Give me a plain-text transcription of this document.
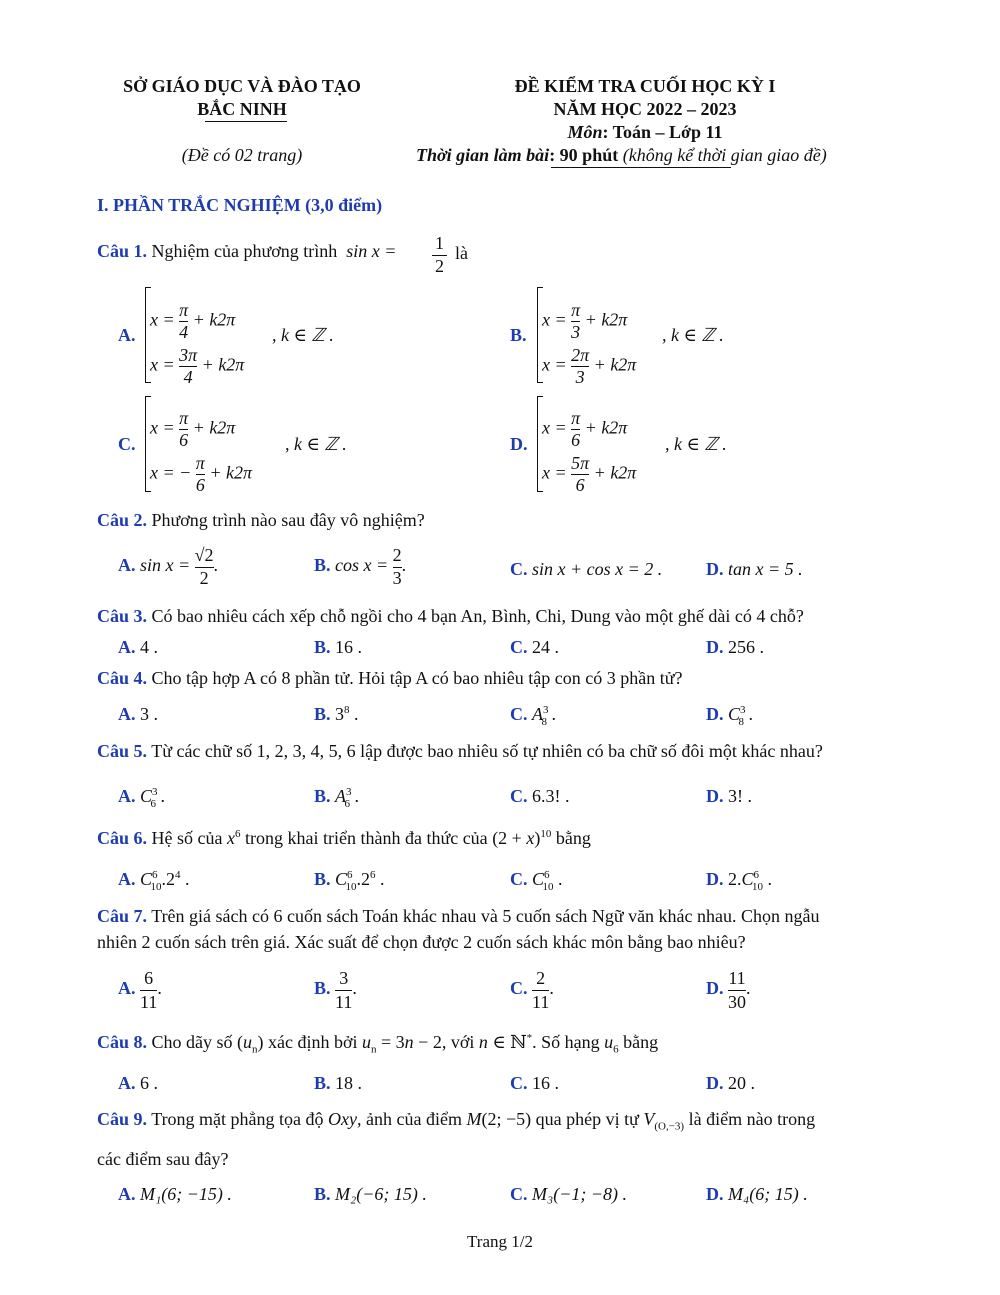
SỞ GIÁO DỤC VÀ ĐÀO TẠO
BẮC NINH
(Đề có 02 trang)
ĐỀ KIỂM TRA CUỐI HỌC KỲ I
NĂM HỌC 2022 – 2023
Môn: Toán – Lớp 11
Thời gian làm bài: 90 phút (không kể thời gian giao đề)
I. PHẦN TRẮC NGHIỆM (3,0 điểm)
Câu 1. Nghiệm của phương trình  sin x = 1
2
là
A.
$x = \frac{\pi}{4} + k2\pi$
$x = \frac{3\pi}{4} + k2\pi$
, k ∈ ℤ .	B.
$x = \frac{\pi}{3} + k2\pi$
$x = \frac{2\pi}{3} + k2\pi$
, k ∈ ℤ .
C.
$x = \frac{\pi}{6} + k2\pi$
x = − $\frac{\pi}{6} + k2\pi$
, k ∈ ℤ .	D.
$x = \frac{\pi}{6} + k2\pi$
$x = \frac{5\pi}{6} + k2\pi$
, k ∈ ℤ .
Câu 2. Phương trình nào sau đây vô nghiệm?
A. $\sin x = \frac{√2}{2}$ .	B. $\cos x = \frac{2}{3}$ .	C. sin x + cos x = 2 . D. tan x = 5 .
Câu 3. Có bao nhiêu cách xếp chỗ ngồi cho 4 bạn An, Bình, Chi, Dung vào một ghế dài có 4 chỗ?
A. 4 .	B. 16 .	C. 24 .	D. 256 .
Câu 4. Cho tập hợp A có 8 phần tử. Hỏi tập A có bao nhiêu tập con có 3 phần tử?
A. 3 .	B. $3^8$ .	C. $A^3_8$ .	D. $C^3_8$ .
Câu 5. Từ các chữ số 1, 2, 3, 4, 5, 6 lập được bao nhiêu số tự nhiên có ba chữ số đôi một khác nhau?
A. $C^3_6$ .	B. $A^3_6$ .	C. 6.3! .	D. 3! .
Câu 6. Hệ số của $x^6$ trong khai triển thành đa thức của $(2 + x)^{10}$ bằng
A. $C^6_{10}.2^4$ .	B. $C^6_{10}.2^6$ .	C. $C^6_{10}$ .	D. $2.C^6_{10}$ .
Câu 7. Trên giá sách có 6 cuốn sách Toán khác nhau và 5 cuốn sách Ngữ văn khác nhau. Chọn ngẫu
nhiên 2 cuốn sách trên giá. Xác suất để chọn được 2 cuốn sách khác môn bằng bao nhiêu?
A. $\frac{6}{11}$ .	B. $\frac{3}{11}$ .	C. $\frac{2}{11}$ .	D. $\frac{11}{30}$ .
Câu 8. Cho dãy số $(u_n)$ xác định bởi $u_n = 3n - 2$, với n ∈ ℕ*. Số hạng $u_6$ bằng
A. 6 .	B. 18 .	C. 16 .	D. 20 .
Câu 9. Trong mặt phẳng tọa độ Oxy, ảnh của điểm M(2; −5) qua phép vị tự $V_{(O,-3)}$ là điểm nào trong
các điểm sau đây?
A. M₁(6; −15) .	B. M₂(−6; 15) .	C. M₃(−1; −8) .	D. M₄(6; 15) .
Trang 1/2
